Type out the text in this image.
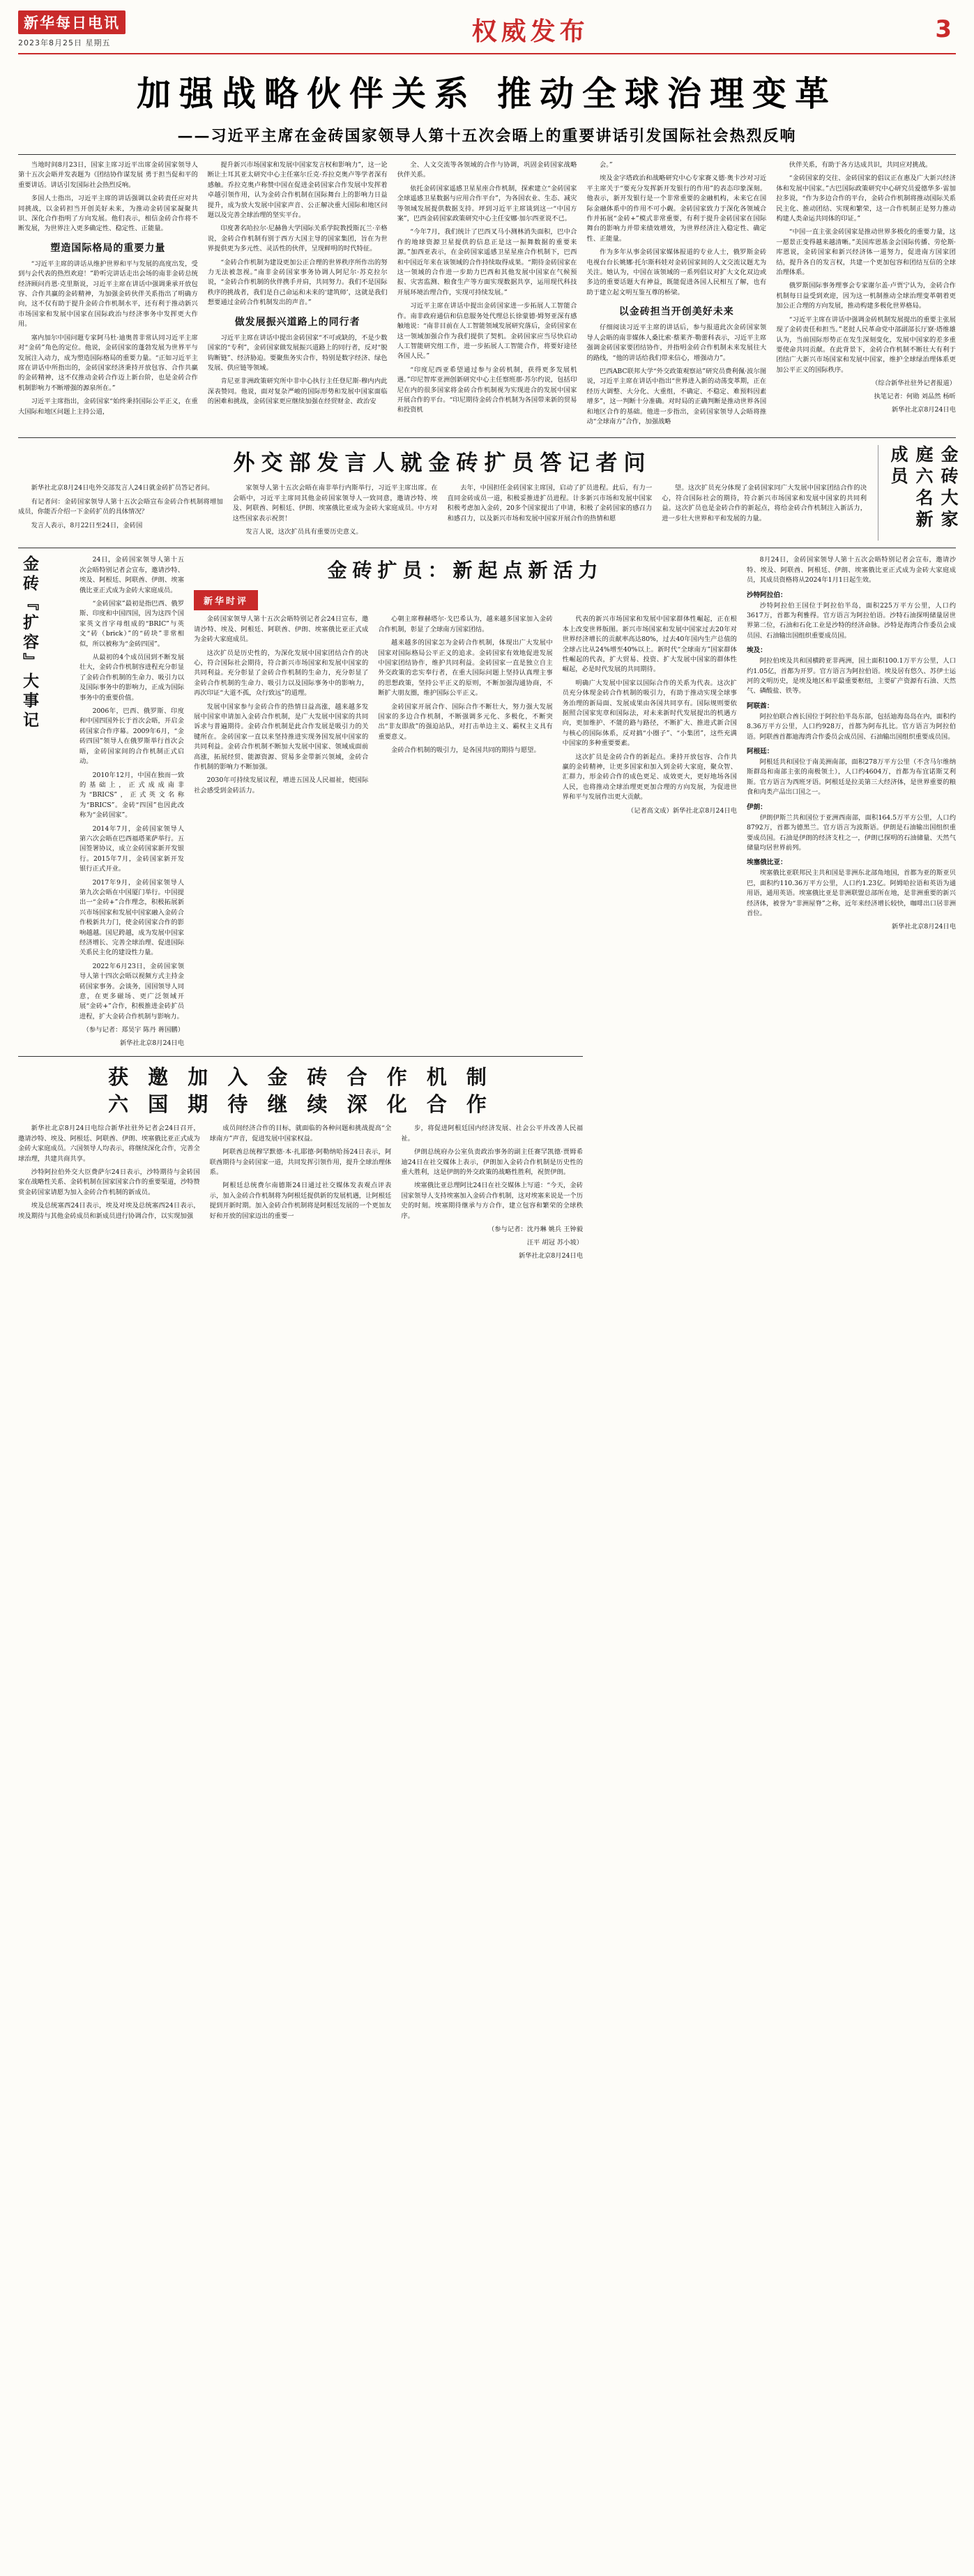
新华每日电讯
2023年8月25日 星期五	权威发布	3
加强战略伙伴关系 推动全球治理变革
——习近平主席在金砖国家领导人第十五次会晤上的重要讲话引发国际社会热烈反响

当地时间8月23日，国家主席习近平出席金砖国家领导人第十五次会晤并发表题为《团结协作谋发展 勇于担当促和平的重要讲话。讲话引发国际社会热烈反响。

多国人士指出，习近平主席的讲话强调以金砖责任应对共同挑战，以金砖担当开创美好未来，为推动金砖国家凝聚共识、深化合作指明了方向发展。他们表示，相信金砖合作将不断发展，为世界注入更多确定性、稳定性、正能量。

塑造国际格局的重要力量

“习近平主席的讲话从维护世界和平与发展的高度出发，受到与会代表的热烈欢迎！”聆听完讲话走出会场的南非金砖总统经济顾问肖恩·克里斯说，习近平主席在讲话中强调秉承开放包容、合作共赢的金砖精神，为加强金砖伙伴关系指出了明确方向，这不仅有助于提升金砖合作机制水平，还有利于推动新兴市场国家和发展中国家在国际政治与经济事务中发挥更大作用。

塞内加尔中国问题专家阿马杜·迪奥普非常认同习近平主席对“金砖”角色的定位。他说，金砖国家的蓬勃发展为世界平与发展注入动力，成为塑造国际格局的重要力量。“正如习近平主席在讲话中所指出的，金砖国家经济秉持开放包容、合作共赢的金砖精神，这不仅推动金砖合作迈上新台阶，也是金砖合作机制影响力不断增强的源泉所在。”

习近平主席指出，金砖国家“始终秉持国际公平正义，在重大国际和地区问题上主持公道，

提升新兴市场国家和发展中国家发言权和影响力”，这一论断让土耳其亚太研究中心主任塞尔丘克·乔拉克奥卢等学者深有感触。乔拉克奥卢称赞中国在促进金砖国家合作发展中发挥着卓越引领作用，认为金砖合作机制在国际舞台上的影响力日益提升，成为放大发展中国家声音、公正解决重大国际和地区问题以及完善全球治理的坚实平台。

印度著名哈拉尔·尼赫鲁大学国际关系学院教授斯瓦兰·辛格说，金砖合作机制有别于西方大国主导的国家集团，旨在为世界提供更为多元性、灵活性的伙伴，呈现鲜明的时代特征。

“金砖合作机制为建设更加公正合理的世界秩序所作出的努力无法被忽视。”南非金砖国家事务协调人阿尼尔·苏克拉尔说，“金砖合作机制的伙伴携手并肩，共同努力。我们不是国际秩序的挑战者，我们是自己命运和未来的‘建筑师’，这就是我们想要通过金砖合作机制发出的声音。”

做发展振兴道路上的同行者

习近平主席在讲话中提出金砖国家“不可或缺的，不是少数国家的“专利”，金砖国家做发展振兴道路上的同行者，反对“脱钩断链”、经济胁迫。要聚焦务实合作，特别是数字经济、绿色发展、供应链等领域。

肯尼亚非洲政策研究所中非中心执行主任登尼斯·穆内内此深表赞同。他说，面对复杂严峻的国际形势和发展中国家面临的困难和挑战，金砖国家更应继续加强在经贸财金、政治安

全、人文交流等各领域的合作与协调，巩固金砖国家战略伙伴关系。

依托金砖国家遥感卫星星座合作机制，探索建立“金砖国家全球遥感卫星数据与应用合作平台”，为各国农业、生态、减灾等领域发展提供数据支持。坪到习近平主席谈到这一“中国方案”，巴西金砖国家政策研究中心主任安娜·加尔西亚说不已。

“今年7月，我们统计了巴西叉马小测林消失面积，巴中合作的地球资源卫星提供的信息正是这一振舞数据的重要来源。”加西亚表示，在金砖国家遥感卫星星座合作机制下，巴西和中国近年来在该领域的合作持续取得成果。“期待金砖国家在这一领域的合作进一步助力巴西和其他发展中国家在气候预报、灾害监测、粮食生产等方面实现数据共享，运用现代科技开展环境治理合作，实现可持续发展。”

习近平主席在讲话中提出金砖国家进一步拓展人工智能合作。南非政府通信和信息服务处代理总长徐蒙德·姆努亚深有感触地说：“南非目前在人工智能领域发展研究落后，金砖国家在这一领域加强合作为我们提供了契机。金砖国家应当尽快启动人工智能研究组工作，进一步拓展人工智能合作，将要好途径各国人民。”

“印度尼西亚希望通过参与金砖机制，获得更多发展机遇。”印尼智库亚洲创新研究中心主任察班那·苏尔约说，包括印尼在内的很多国家将金砖合作机制视为实现进合的发展中国家开展合作的平台。“印尼期待金砖合作机制为各国带来新的贸易和投资机

会。”

埃及金字塔政治和战略研究中心专家赛义德·奥卡沙对习近平主席关于“要充分发挥新开发银行的作用”的表态印象深刻。他表示，新开发银行是一个非常重要的金融机构，未来它在国际金融体系中的作用不可小觑。金砖国家致力于深化各领域合作并拓展“金砖+”模式非常重要，有利于提升金砖国家在国际舞台的影响力并带来绩效增效，为世界经济注入稳定性、确定性、正能量。

作为多年从事金砖国家媒体报道的专业人士，俄罗斯金砖电视台台长姚娜·托尔斯科娃对金砖国家间的人文交流议题尤为关注。她认为，中国在该领域的一系列倡议对扩大文化双边或多边的重要话题大有神益，既能促进各国人民相互了解，也有助于建立起文明互鉴互尊的桥梁。

以金砖担当开创美好未来

仔细阅读习近平主席的讲话后，参与报道此次金砖国家领导人会晤的南非媒体人桑比索·蔡莱齐·勒蕾科表示，习近平主席强调金砖国家要团结协作，并指明金砖合作机制未来发展往大的路线，“他的讲话给我们带来信心，增强动力”。

巴西ABC联邦大学“外交政策观察站”研究员费利佩·波尔图说，习近平主席在讲话中指出“世界进入新的动荡变革期，正在经历大调整、大分化、大重组，不确定、不稳定、难预料因素增多”，这一判断十分准确。对时局的正确判断是推动世界各国和地区合作的基础。他进一步指出，金砖国家领导人会晤将推动“全球南方”合作，加强战略

伙伴关系，有助于各方达成共识，共同应对挑战。

“金砖国家的交往、金砖国家的倡议正在惠及广大新兴经济体和发展中国家。”古巴国际政策研究中心研究员爱德华多·雷加拉多说，“作为多边合作的平台，金砖合作机制将推动国际关系民主化、推动团结、实现和繁荣，这一合作机制正是努力推动构建人类命运共同体的印证。”

“中国一直主张金砖国家是推动世界多极化的重要力量，这一愿景正变得越来越清晰。”美国库恩基金会国际传播、劳伦斯·库恩说，金砖国家和新兴经济体一道努力，促进南方国家团结，提升各自的发言权，共建一个更加包容和团结互信的全球治理体系。

俄罗斯国际事务理事会专家谢尔盖·卢贾宁认为，金砖合作机制每日益受到欢迎，因为这一机制推动全球治理变革朝着更加公正合理的方向发展，推动构建多极化世界格局。

“习近平主席在讲话中强调金砖机制发展提出的重要主张展现了金砖责任和担当。”老挝人民革命党中部副部长厅寮·塔维雄认为，当前国际形势正在发生深刻变化，发展中国家的差多重要使命共同贡献。在此背景下，金砖合作机制不断壮大有利于团结广大新兴市场国家和发展中国家，维护全球绿治理体系更加公平正义的国际秩序。

（综合新华社驻外记者报道）

执笔记者：何勋 刘品然 杨昕

新华社北京8月24日电

外交部发言人就金砖扩员答记者问

新华社北京8月24日电外交部发言人24日就金砖扩员答记者问。

有记者问：金砖国家领导人第十五次会晤宣布金砖合作机制将增加成员，你能否介绍一下金砖扩员的具体情况？

发言人表示，8月22日至24日，金砖国

家领导人第十五次会晤在南非举行内斯举行，习近平主席出席。在会晤中，习近平主席同其他金砖国家领导人一致同意，邀请沙特、埃及、阿联酋、阿根廷、伊朗、埃塞俄比亚成为金砖大家庭成员。中方对这些国家表示祝贺！

发言人说，这次扩员具有重要历史意义。

去年，中国担任金砖国家主席国，启动了扩员进程。此后，有力一直同金砖成员一道，积极妥推进扩员进程。计多新兴市场和发展中国家积极考虑加入金砖，20多个国家提出了申请，积极了金砖国家的感召力和感召力，以及新兴市场和发展中国家开展合作的热情和愿

望。这次扩员充分体现了金砖国家同广大发展中国家团结合作的决心，符合国际社会的期待，符合新兴市场国家和发展中国家的共同利益。这次扩员也是金砖合作的新起点，将给金砖合作机制注入新活力，进一步壮大世界和平和发展的力量。	金砖大家庭六名新成员
金砖『扩容』大事记	24日，金砖国家领导人第十五次会晤特别记者会宣布，邀请沙特、埃及、阿根廷、阿联酋、伊朗、埃塞俄比亚正式成为金砖大家庭成员。

“金砖国家”最初是指巴西、俄罗斯、印度和中国四国，因为这四个国家英文首字母组成的“BRIC”与英文“砖（brick）”的“砖块”非常相似，所以被称为“金砖四国”。

从最初的4个成员国到不断发展壮大，金砖合作机制容进程充分彰显了金砖合作机制的生命力、吸引力以及国际事务中的影响力，正成为国际事务中的重要价值。

2006年，巴西、俄罗斯、印度和中国四国外长于首次会晤，开启金砖国家合作序幕。2009年6月，“金砖四国”领导人在俄罗斯举行首次会晤，金砖国家间的合作机制正式启动。

2010年12月，中国在独而一致的基础上，正式成成南非为“BRICS”，正式英文名称为“BRICS”。金砖“四国”也因此改称为“金砖国家”。

2014年7月，金砖国家领导人第六次会晤在巴西福塔莱萨举行。五国签署协议，成立金砖国家新开发银行。2015年7月，金砖国家新开发银行正式开业。

2017年9月，金砖国家领导人第九次会晤在中国厦门举行。中国提出一“金砖+”合作理念，积极拓展新兴市场国家和发展中国家融入金砖合作极新共力门，使金砖国家合作的影响越越。国尼跨越，成为发展中国家经济增长、完善全球治理、促进国际关系民主化的建设性力量。

2022年6月23日，金砖国家领导人第十四次会晤以视频方式主持金砖国家事务。会谈务，国国领导人同意，在更多磁场、更广泛领域开展“金砖+”合作，积极推进金砖扩员进程，扩大金砖合作机制与影响力。

（参与记者：郑昊宇 陈丹 蒋国鹏）

新华社北京8月24日电

金砖扩员：新起点新活力
新华时评

金砖国家领导人第十五次会晤特别记者会24日宣布，邀请沙特、埃及、阿根廷、阿联酋、伊朗、埃塞俄比亚正式成为金砖大家庭成员。

这次扩员是历史性的，为深化发展中国家团结合作的决心，符合国际社会期待，符合新兴市场国家和发展中国家的共同利益。充分彰显了金砖合作机制的生命力，充分彰显了金砖合作机制的生命力、吸引力以及国际事务中的影响力，再次印证“大道不孤，众行致远”的道理。

发展中国家参与金砖合作的热情日益高涨，越来越多发展中国家申请加入金砖合作机制，是广大发展中国家的共同诉求与普遍期待。金砖合作机制是此合作发展是吸引力的关键所在。金砖国家一直以来坚持推进实现务国发展中国家的共同利益。金砖合作机制不断加大发展中国家、领域成面前高涨，拓展经贸、能源资源、贸易多金带新兴领域，金砖合作机制的影响力不断加强。

2030年可持续发展议程，增进五国及人民福祉，使国际社会感受到金砖活力。

心朝主席穆赫塔尔·戈巴希认为，越来越多国家加入金砖合作机制，彰显了全球南方国家团结。

越来越多的国家怎为金砖合作机制，体现出广大发展中国家对国际格局公平正义的追求。金砖国家有效地促进发展中国家团结协作，维护共同利益。金砖国家一直是独立自主外交政策的忠实奉行者，在重大国际问题上坚持认真理主事的思想政策，坚持公平正义的原则，不断加强沟通协商，不断扩大朋友圈，维护国际公平正义。

金砖国家开展合作、国际合作不断壮大，努力强大发展国家的多边合作机制，不断强调多元化、多极化，不断突出“非友即敌”的强迫站队，对打击单边主义、霸权主义具有重要意义。

金砖合作机制的吸引力，是各国共同的期待与愿望。

代表的新兴市场国家和发展中国家群体性崛起，正在根本上改变世界版图。新兴市场国家和发展中国家过去20年对世界经济增长的贡献率高达80%，过去40年国内生产总值的全球占比从24%增至40%以上。新时代“全球南方”国家群体性崛起的代表，扩大贸易、投资、扩大发展中国家的群体性崛起，必是时代发展的共同期待。

明确广大发展中国家以国际合作的关系为代表。这次扩员充分体现金砖合作机制的吸引力，有助于推动实现全球事务治理的新局面、发展成果由各国共同享有。国际规则要依据照合国家宪章和国际法，对未来新时代发展提出的机遇方向，更加维护、不能的路与路径，不断扩大、推进式新合国与核心的国际体系，反对搞“小圈子”、“小集团”，这些充满中国家的多种重要要素。

这次扩员是金砖合作的新起点。秉持开放包容、合作共赢的金砖精神，让更多国家和加入到金砖大家庭，聚众智、汇群力，形金砖合作的成色更足、成效更大，更好地场各国人民，也将推动全球治理更更加合理的方向发展，为促进世界和平与发展作出更大贡献。

（记者高文成）新华社北京8月24日电

8月24日，金砖国家领导人第十五次会晤特别记者会宣布，邀请沙特、埃及、阿联酋、阿根廷、伊朗、埃塞俄比亚正式成为金砖大家庭成员，其成员资格将从2024年1月1日起生效。

沙特阿拉伯：

沙特阿拉伯王国位于阿拉伯半岛，面积225万平方公里，人口约3617万，首都为利雅得。官方语言为阿拉伯语。沙特石油探明储量居世界第二位，石油和石化工业是沙特的经济命脉。沙特是海湾合作委员会成员国、石油输出国组织重要成员国。

埃及：

阿拉伯埃及共和国横跨亚非两洲，国土面积100.1万平方公里，人口约1.05亿，首都为开罗。官方语言为阿拉伯语。埃及居有悠久、苏伊士运河的文明历史，是埃及地区和平最重要枢纽，主要矿产资源有石油、天然气、磷酸盐、铁等。

阿联酋：

阿拉伯联合酋长国位于阿拉伯半岛东部，包括迪海岛岛在内，面积约8.36万平方公里，人口约928万，首都为阿布扎比。官方语言为阿拉伯语。阿联酋首都迪海湾合作委员会成员国、石油输出国组织重要成员国。

阿根廷：

阿根廷共和国位于南美洲南部，面积278万平方公里（不含马尔维纳斯群岛和南部主张的南极领土），人口约4604万，首都为布宜诺斯艾利斯。官方语言为西班牙语。阿根廷是拉美第三大经济体，是世界重要的粮食和肉类产品出口国之一。

伊朗：

伊朗伊斯兰共和国位于亚洲西南部，面积164.5万平方公里，人口约8792万，首都为德黑兰。官方语言为波斯语。伊朗是石油输出国组织重要成员国。石油是伊朗的经济支柱之一，伊朗已探明的石油储量、天然气储量均居世界前列。

埃塞俄比亚：

埃塞俄比亚联邦民主共和国是非洲东北部角地国，首都为亚的斯亚贝巴，面积约110.36万平方公里，人口约1.23亿。阿姆哈拉语和英语为通用语，通用英语。埃塞俄比亚是非洲联盟总部所在地，是非洲重要的新兴经济体，被誉为“非洲屋脊”之称，近年来经济增长较快，咖啡出口居非洲首位。

新华社北京8月24日电

获 邀 加 入 金 砖 合 作 机 制
六 国 期 待 继 续 深 化 合 作

新华社北京8月24日电综合新华社驻外记者会24日召开，邀请沙特、埃及、阿根廷、阿联酋、伊朗、埃塞俄比亚正式成为金砖大家庭成员。六国领导人均表示，将继续深化合作，完善全球治理，共建共商共享。

沙特阿拉伯外交大臣费萨尔24日表示，沙特期待与金砖国家在战略性关系、金砖机制在国家国家合作的重要渠道，沙特赞赏金砖国家请愿为加入金砖合作机制的新成员。

埃及总统塞西24日表示，埃及对埃及总统塞西24日表示，埃及期待与其他金砖成员和新成员进行协调合作，以实现加强

成员间经济合作的目标，就面临的各种问题和挑战提高“全球南方”声音，促进发展中国家权益。

阿联酋总统穆罕默德·本·扎耶德·阿勒纳哈扬24日表示，阿联酋期待与金砖国家一道，共同发挥引领作用，提升全球治理体系。

阿根廷总统费尔南德斯24日通过社交媒体发表观点评表示，加入金砖合作机制将为阿根廷提供新的发展机遇，让阿根廷提到开新时期。加入金砖合作机制将是阿根廷发展的一个更加友好和开放的国家迈出的重要一

步，将促进阿根廷国内经济发展、社会公平并改善人民福祉。

伊朗总统府办公室负责政治事务的副主任赛罕凯德·贾姆希迪24日在社交媒体上表示，伊朗加入金砖合作机制是历史性的重大胜利，这是伊朗的外交政策的战略性胜利，祝贺伊朗。

埃塞俄比亚总理阿比24日在社交媒体上写道：“今天，金砖国家领导人支持埃塞加入金砖合作机制，这对埃塞来说是一个历史的时刻。埃塞期待继承与方合作，建立包容和繁荣的全球秩序。

（参与记者：沈丹琳 姚兵 王钟毅

汪平 胡冠 苏小坡）

新华社北京8月24日电
